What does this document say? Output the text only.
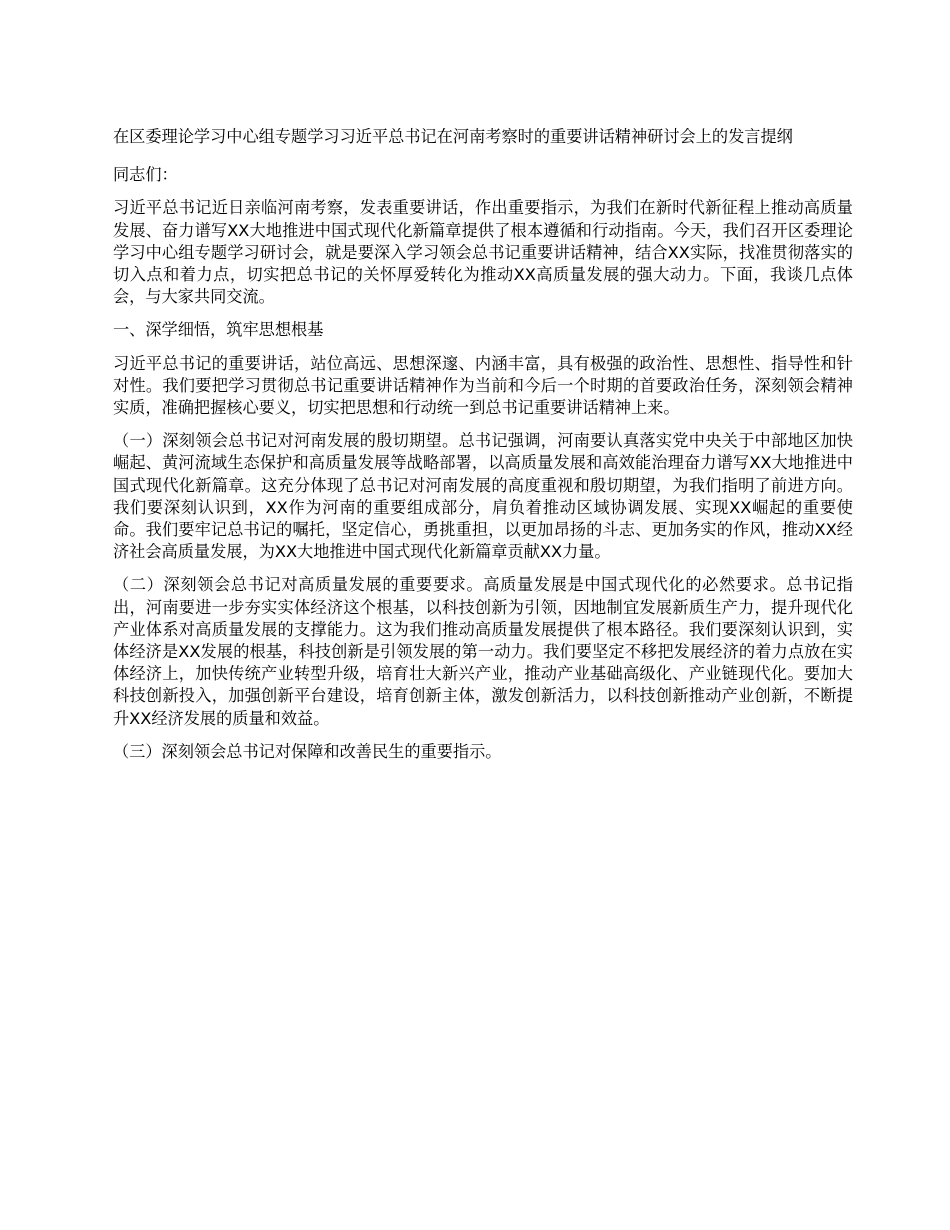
在区委理论学习中心组专题学习习近平总书记在河南考察时的重要讲话精神研讨会上的发言提纲

同志们：

习近平总书记近日亲临河南考察，发表重要讲话，作出重要指示，为我们在新时代新征程上推动高质量发展、奋力谱写XX大地推进中国式现代化新篇章提供了根本遵循和行动指南。今天，我们召开区委理论学习中心组专题学习研讨会，就是要深入学习领会总书记重要讲话精神，结合XX实际，找准贯彻落实的切入点和着力点，切实把总书记的关怀厚爱转化为推动XX高质量发展的强大动力。下面，我谈几点体会，与大家共同交流。

一、深学细悟，筑牢思想根基

习近平总书记的重要讲话，站位高远、思想深邃、内涵丰富，具有极强的政治性、思想性、指导性和针对性。我们要把学习贯彻总书记重要讲话精神作为当前和今后一个时期的首要政治任务，深刻领会精神实质，准确把握核心要义，切实把思想和行动统一到总书记重要讲话精神上来。

（一）深刻领会总书记对河南发展的殷切期望。总书记强调，河南要认真落实党中央关于中部地区加快崛起、黄河流域生态保护和高质量发展等战略部署，以高质量发展和高效能治理奋力谱写XX大地推进中国式现代化新篇章。这充分体现了总书记对河南发展的高度重视和殷切期望，为我们指明了前进方向。我们要深刻认识到，XX作为河南的重要组成部分，肩负着推动区域协调发展、实现XX崛起的重要使命。我们要牢记总书记的嘱托，坚定信心，勇挑重担，以更加昂扬的斗志、更加务实的作风，推动XX经济社会高质量发展，为XX大地推进中国式现代化新篇章贡献XX力量。

（二）深刻领会总书记对高质量发展的重要要求。高质量发展是中国式现代化的必然要求。总书记指出，河南要进一步夯实实体经济这个根基，以科技创新为引领，因地制宜发展新质生产力，提升现代化产业体系对高质量发展的支撑能力。这为我们推动高质量发展提供了根本路径。我们要深刻认识到，实体经济是XX发展的根基，科技创新是引领发展的第一动力。我们要坚定不移把发展经济的着力点放在实体经济上，加快传统产业转型升级，培育壮大新兴产业，推动产业基础高级化、产业链现代化。要加大科技创新投入，加强创新平台建设，培育创新主体，激发创新活力，以科技创新推动产业创新，不断提升XX经济发展的质量和效益。

（三）深刻领会总书记对保障和改善民生的重要指示。
